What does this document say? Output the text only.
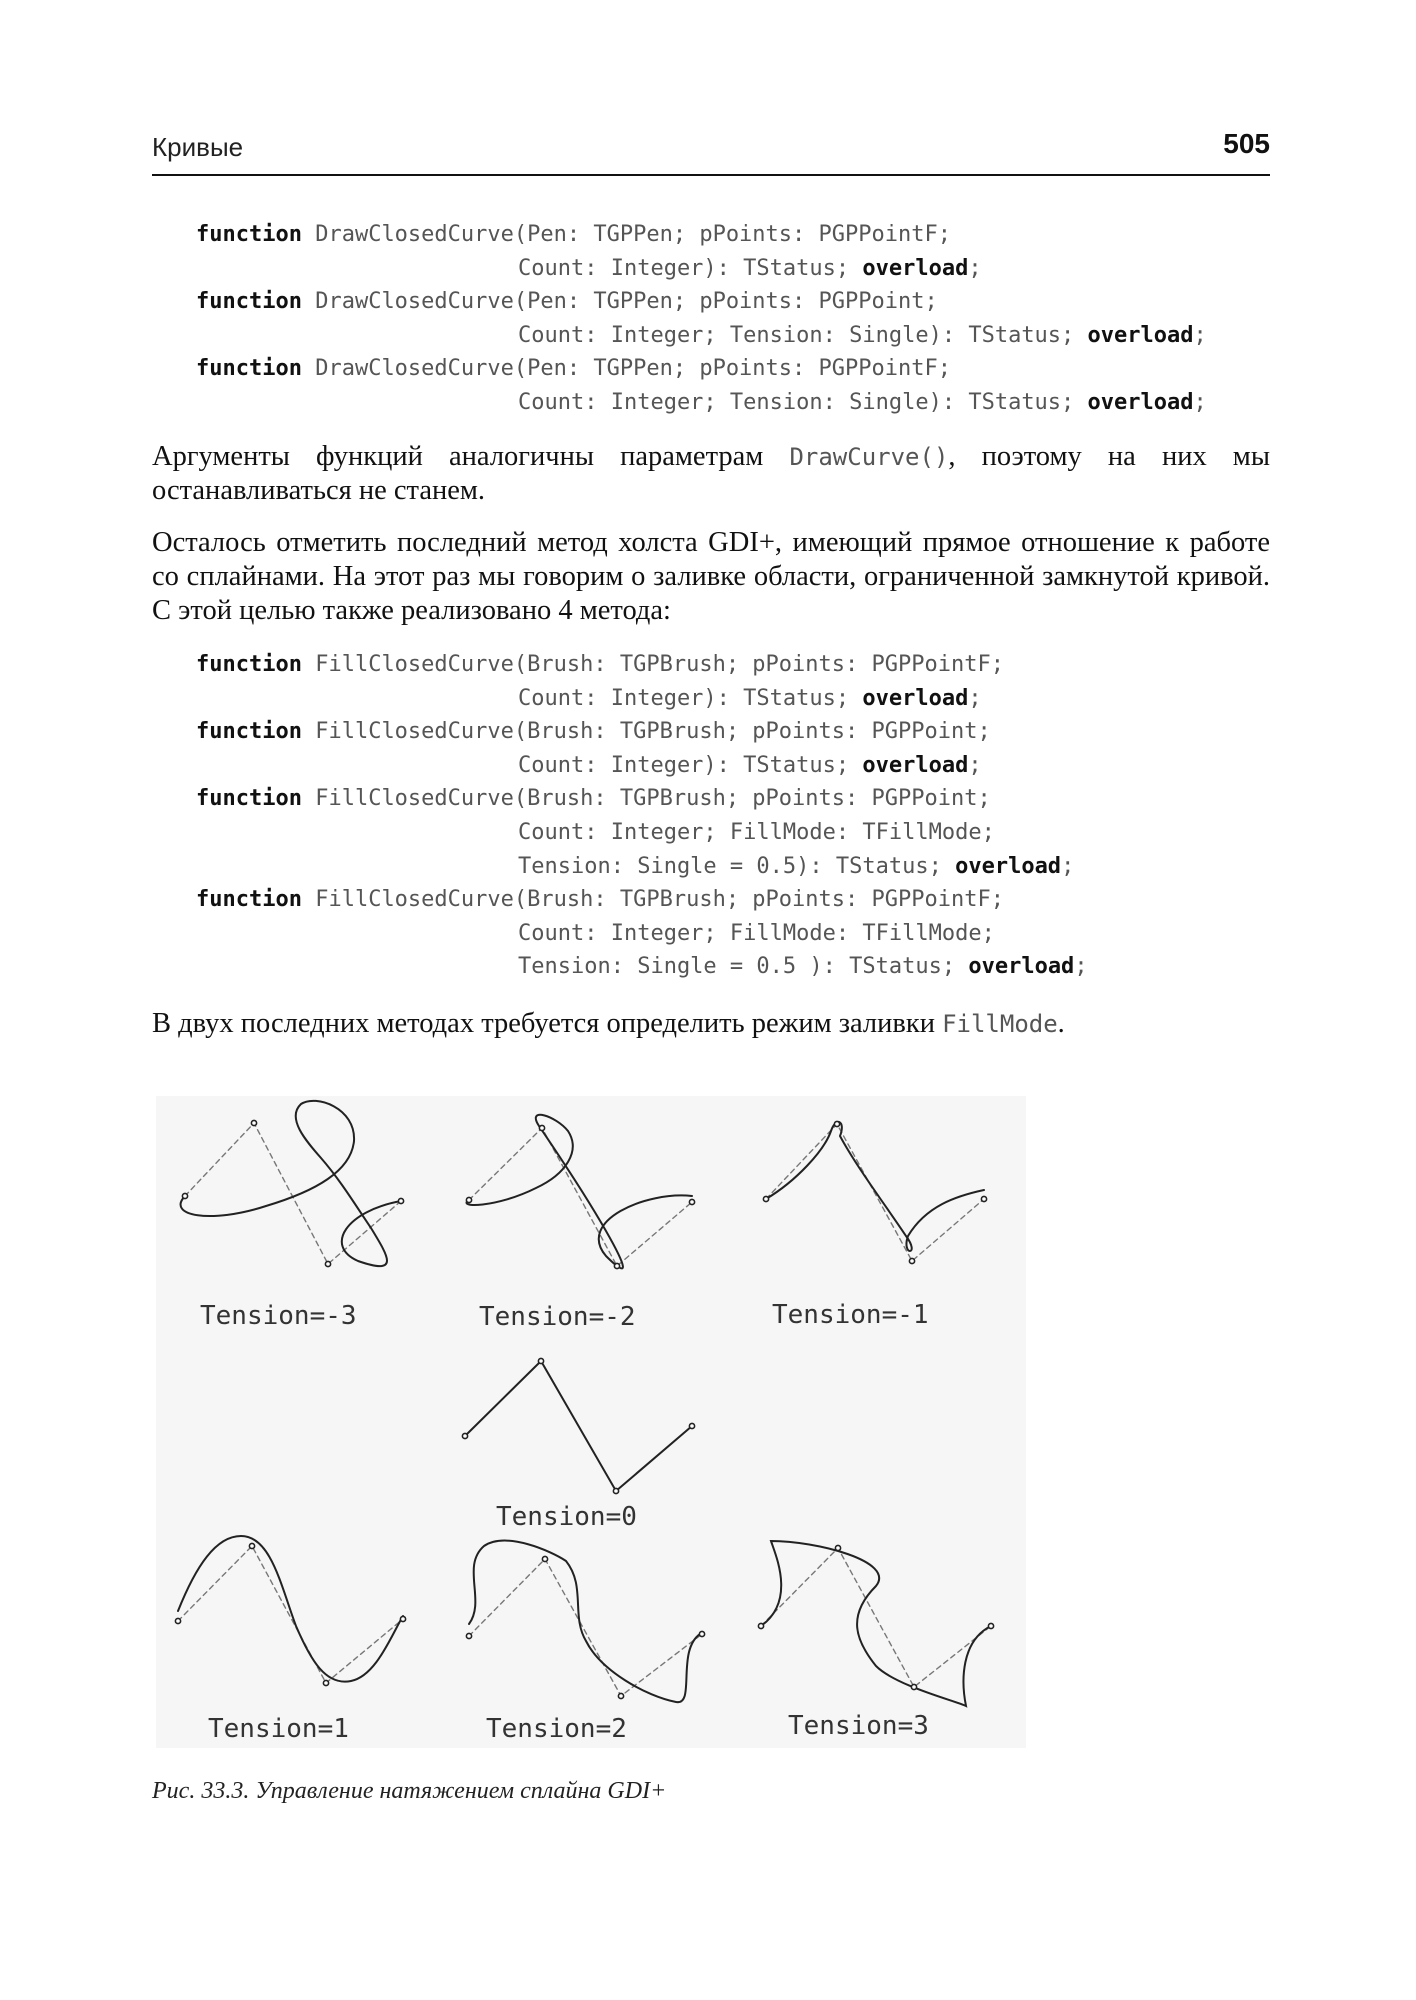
Кривые	505
function DrawClosedCurve(Pen: TGPPen; pPoints: PGPPointF;
Count: Integer): TStatus; overload;
function DrawClosedCurve(Pen: TGPPen; pPoints: PGPPoint;
Count: Integer; Tension: Single): TStatus; overload;
function DrawClosedCurve(Pen: TGPPen; pPoints: PGPPointF;
Count: Integer; Tension: Single): TStatus; overload;

Аргументы функций аналогичны параметрам DrawCurve(), поэтому на них мы останавливаться не станем.

Осталось отметить последний метод холста GDI+, имеющий прямое отношение к работе со сплайнами. На этот раз мы говорим о заливке области, ограниченной замкнутой кривой. С этой целью также реализовано 4 метода:

function FillClosedCurve(Brush: TGPBrush; pPoints: PGPPointF;
Count: Integer): TStatus; overload;
function FillClosedCurve(Brush: TGPBrush; pPoints: PGPPoint;
Count: Integer): TStatus; overload;
function FillClosedCurve(Brush: TGPBrush; pPoints: PGPPoint;
Count: Integer; FillMode: TFillMode;
Tension: Single = 0.5): TStatus; overload;
function FillClosedCurve(Brush: TGPBrush; pPoints: PGPPointF;
Count: Integer; FillMode: TFillMode;
Tension: Single = 0.5 ): TStatus; overload;

В двух последних методах требуется определить режим заливки FillMode.

Tension=-3	Tension=-2	Tension=-1
Tension=0
Tension=1	Tension=2	Tension=3
Рис. 33.3. Управление натяжением сплайна GDI+
